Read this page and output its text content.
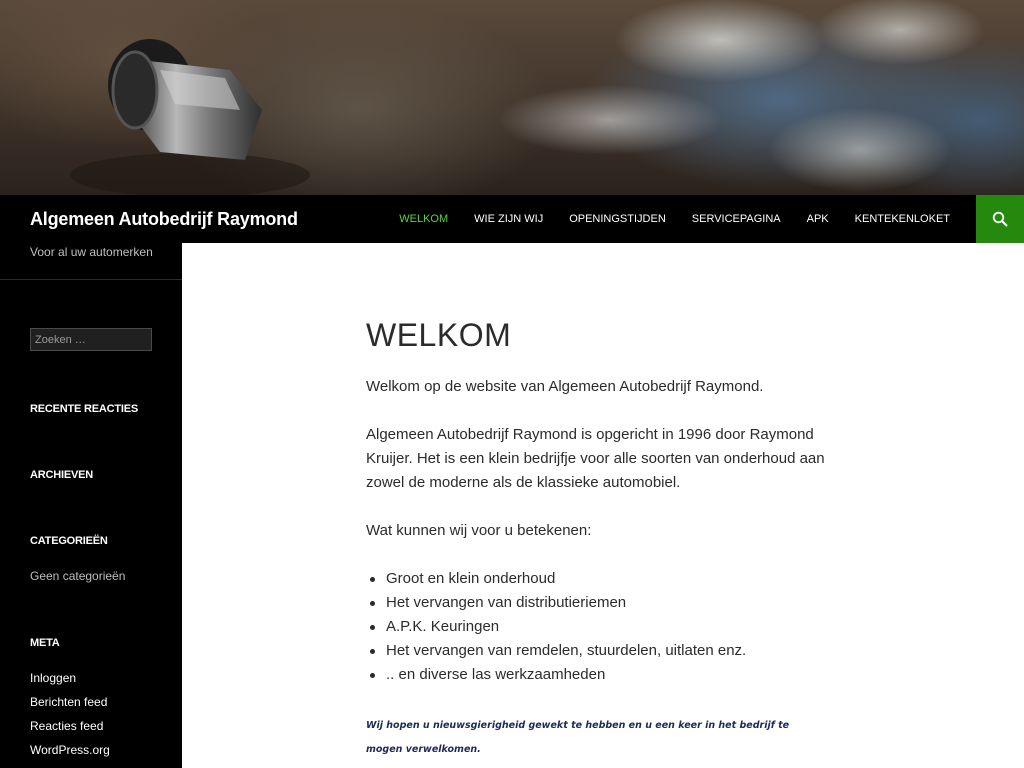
Algemeen Autobedrijf Raymond	WELKOM	WIE ZIJN WIJ	OPENINGSTIJDEN	SERVICEPAGINA	APK	KENTEKENLOKET
Voor al uw automerken
Zoeken …
RECENTE REACTIES
ARCHIEVEN
CATEGORIEËN
Geen categorieën
META
Inloggen
Berichten feed
Reacties feed
WordPress.org
WELKOM

Welkom op de website van Algemeen Autobedrijf Raymond.

Algemeen Autobedrijf Raymond is opgericht in 1996 door Raymond Kruijer. Het is een klein bedrijfje voor alle soorten van onderhoud aan zowel de moderne als de klassieke automobiel.

Wat kunnen wij voor u betekenen:

Groot en klein onderhoud
Het vervangen van distributieriemen
A.P.K. Keuringen
Het vervangen van remdelen, stuurdelen, uitlaten enz.
.. en diverse las werkzaamheden

Wij hopen u nieuwsgierigheid gewekt te hebben en u een keer in het bedrijf te mogen verwelkomen.
